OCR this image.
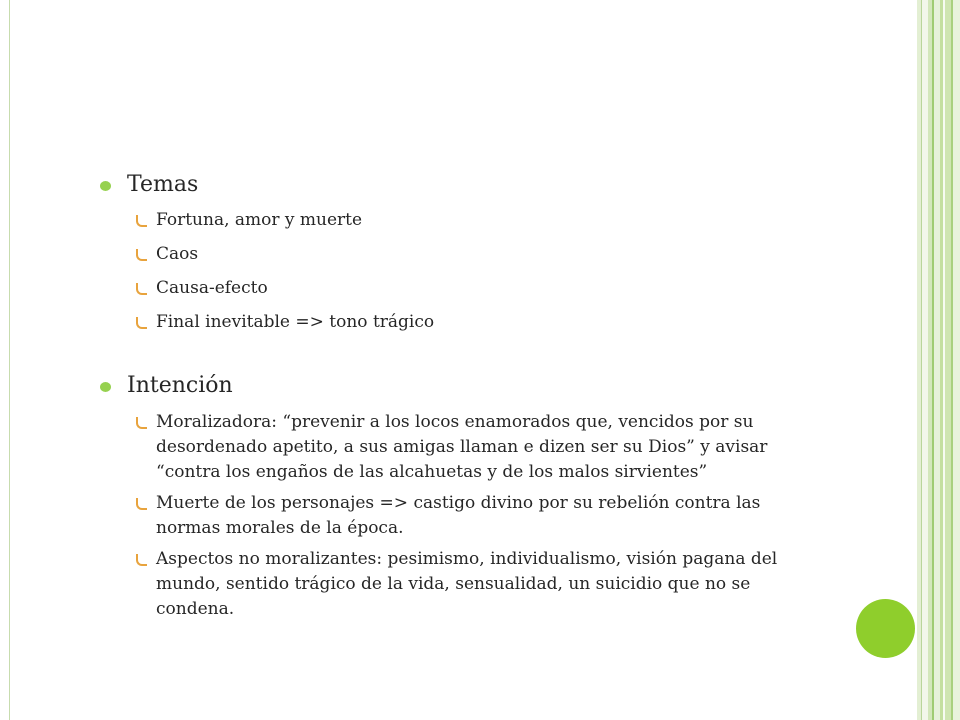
Temas
Fortuna, amor y muerte
Caos
Causa-efecto
Final inevitable => tono trágico
Intención
Moralizadora: “prevenir a los locos enamorados que, vencidos por su desordenado apetito, a sus amigas llaman e dizen ser su Dios” y avisar “contra los engaños de las alcahuetas y de los malos sirvientes”
Muerte de los personajes => castigo divino por su rebelión contra las normas morales de la época.
Aspectos no moralizantes: pesimismo, individualismo, visión pagana del mundo, sentido trágico de la vida, sensualidad, un suicidio que no se condena.
